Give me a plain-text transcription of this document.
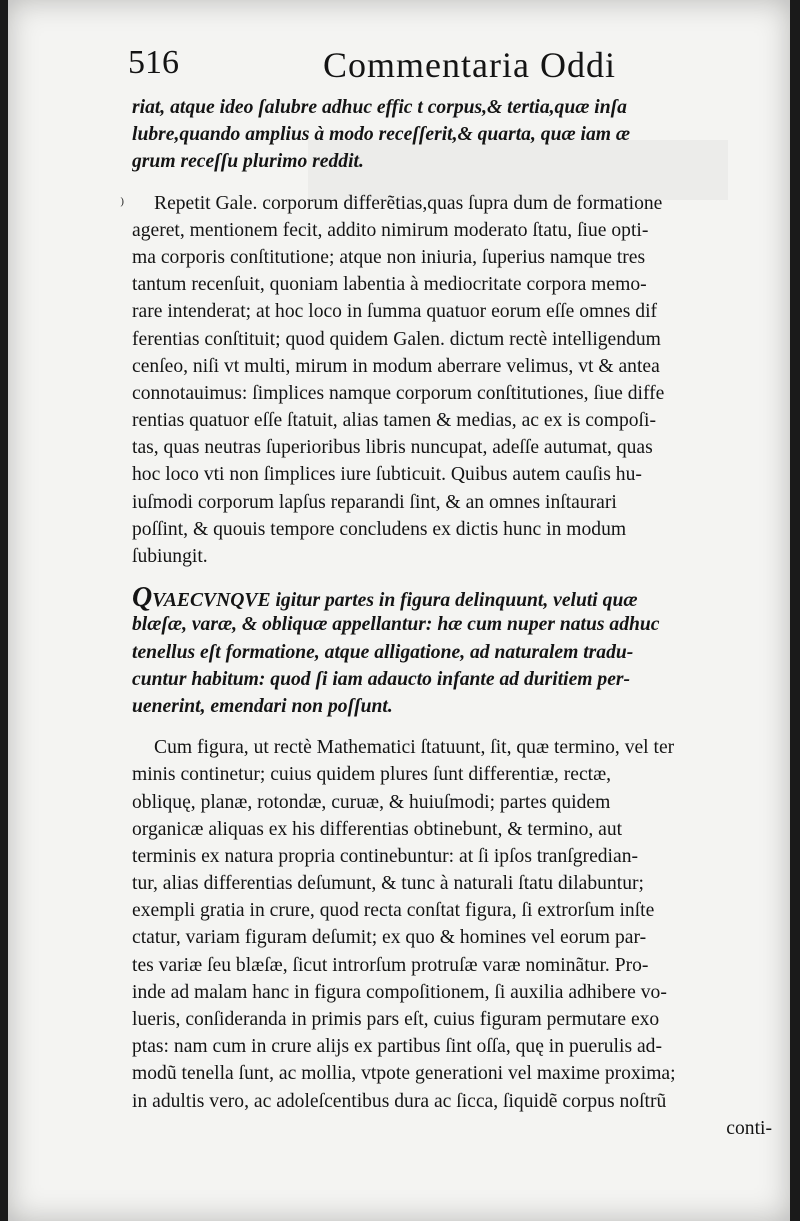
516	Commentaria Oddi
⁾
riat, atque ideo ſalubre adhuc effic t corpus,& tertia,quæ inſa
lubre,quando amplius à modo receſſerit,& quarta, quæ iam æ
grum receſſu plurimo reddit.
Repetit Gale. corporum differẽtias,quas ſupra dum de formatione
ageret, mentionem fecit, addito nimirum moderato ſtatu, ſiue opti-
ma corporis conſtitutione; atque non iniuria, ſuperius namque tres
tantum recenſuit, quoniam labentia à mediocritate corpora memo-
rare intenderat; at hoc loco in ſumma quatuor eorum eſſe omnes dif
ferentias conſtituit; quod quidem Galen. dictum rectè intelligendum
cenſeo, niſi vt multi, mirum in modum aberrare velimus, vt & antea
connotauimus: ſimplices namque corporum conſtitutiones, ſiue diffe
rentias quatuor eſſe ſtatuit, alias tamen & medias, ac ex is compoſi-
tas, quas neutras ſuperioribus libris nuncupat, adeſſe autumat, quas
hoc loco vti non ſimplices iure ſubticuit. Quibus autem cauſis hu-
iuſmodi corporum lapſus reparandi ſint, & an omnes inſtaurari
poſſint, & quouis tempore concludens ex dictis hunc in modum
ſubiungit.
QVAECVNQVE igitur partes in figura delinquunt, veluti quæ
blæſæ, varæ, & obliquæ appellantur: hæ cum nuper natus adhuc
tenellus eſt formatione, atque alligatione, ad naturalem tradu-
cuntur habitum: quod ſi iam adaucto infante ad duritiem per-
uenerint, emendari non poſſunt.
Cum figura, ut rectè Mathematici ſtatuunt, ſit, quæ termino, vel ter
minis continetur; cuius quidem plures ſunt differentiæ, rectæ,
obliquę, planæ, rotondæ, curuæ, & huiuſmodi; partes quidem
organicæ aliquas ex his differentias obtinebunt, & termino, aut
terminis ex natura propria continebuntur: at ſi ipſos tranſgredian-
tur, alias differentias deſumunt, & tunc à naturali ſtatu dilabuntur;
exempli gratia in crure, quod recta conſtat figura, ſi extrorſum inſte
ctatur, variam figuram deſumit; ex quo & homines vel eorum par-
tes variæ ſeu blæſæ, ſicut introrſum protruſæ varæ nominãtur. Pro-
inde ad malam hanc in figura compoſitionem, ſi auxilia adhibere vo-
lueris, conſideranda in primis pars eſt, cuius figuram permutare exo
ptas: nam cum in crure alijs ex partibus ſint oſſa, quę in puerulis ad-
modũ tenella ſunt, ac mollia, vtpote generationi vel maxime proxima;
in adultis vero, ac adoleſcentibus dura ac ſicca, ſiquidẽ corpus noſtrũ
conti-
